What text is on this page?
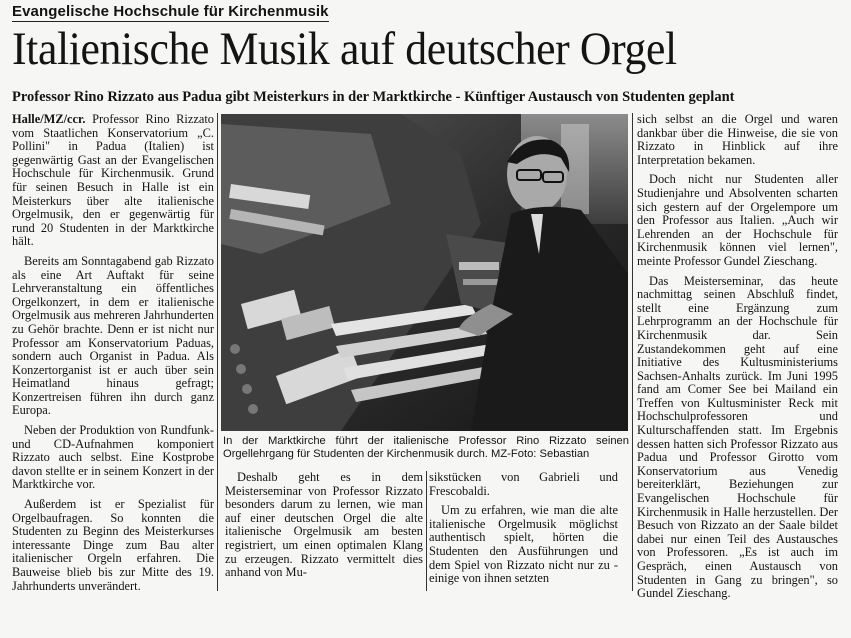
Evangelische Hochschule für Kirchenmusik
Italienische Musik auf deutscher Orgel
Professor Rino Rizzato aus Padua gibt Meisterkurs in der Marktkirche - Künftiger Austausch von Studenten geplant

Halle/MZ/ccr. Professor Rino Rizzato vom Staatlichen Konservatorium „C. Pollini" in Padua (Italien) ist gegenwärtig Gast an der Evangelischen Hochschule für Kirchenmusik. Grund für seinen Besuch in Halle ist ein Meisterkurs über alte italienische Orgelmusik, den er gegenwärtig für rund 20 Studenten in der Marktkirche hält.

Bereits am Sonntagabend gab Rizzato als eine Art Auftakt für seine Lehrveranstaltung ein öffentliches Orgelkonzert, in dem er italienische Orgelmusik aus mehreren Jahrhunderten zu Gehör brachte. Denn er ist nicht nur Professor am Konservatorium Paduas, sondern auch Organist in Padua. Als Konzertorganist ist er auch über sein Heimatland hinaus gefragt; Konzertreisen führen ihn durch ganz Europa.

Neben der Produktion von Rundfunk- und CD-Aufnahmen komponiert Rizzato auch selbst. Eine Kostprobe davon stellte er in seinem Konzert in der Marktkirche vor.

Außerdem ist er Spezialist für Orgelbaufragen. So konnten die Studenten zu Beginn des Meisterkurses interessante Dinge zum Bau alter italienischer Orgeln erfahren. Die Bauweise blieb bis zur Mitte des 19. Jahrhunderts unverändert.

In der Marktkirche führt der italienische Professor Rino Rizzato seinen Orgellehrgang für Studenten der Kirchenmusik durch. MZ-Foto: Sebastian

Deshalb geht es in dem Meisterseminar von Professor Rizzato besonders darum zu lernen, wie man auf einer deutschen Orgel die alte italienische Orgelmusik am besten registriert, um einen optimalen Klang zu erzeugen. Rizzato vermittelt dies anhand von Mu-

sikstücken von Gabrieli und Frescobaldi.

Um zu erfahren, wie man die alte italienische Orgelmusik möglichst authentisch spielt, hörten die Studenten den Ausführungen und dem Spiel von Rizzato nicht nur zu - einige von ihnen setzten

sich selbst an die Orgel und waren dankbar über die Hinweise, die sie von Rizzato in Hinblick auf ihre Interpretation bekamen.

Doch nicht nur Studenten aller Studienjahre und Absolventen scharten sich gestern auf der Orgelempore um den Professor aus Italien. „Auch wir Lehrenden an der Hochschule für Kirchenmusik können viel lernen", meinte Professor Gundel Zieschang.

Das Meisterseminar, das heute nachmittag seinen Abschluß findet, stellt eine Ergänzung zum Lehrprogramm an der Hochschule für Kirchenmusik dar. Sein Zustandekommen geht auf eine Initiative des Kultusministeriums Sachsen-Anhalts zurück. Im Juni 1995 fand am Comer See bei Mailand ein Treffen von Kultusminister Reck mit Hochschulprofessoren und Kulturschaffenden statt. Im Ergebnis dessen hatten sich Professor Rizzato aus Padua und Professor Girotto vom Konservatorium aus Venedig bereiterklärt, Beziehungen zur Evangelischen Hochschule für Kirchenmusik in Halle herzustellen. Der Besuch von Rizzato an der Saale bildet dabei nur einen Teil des Austausches von Professoren. „Es ist auch im Gespräch, einen Austausch von Studenten in Gang zu bringen", so Gundel Zieschang.
